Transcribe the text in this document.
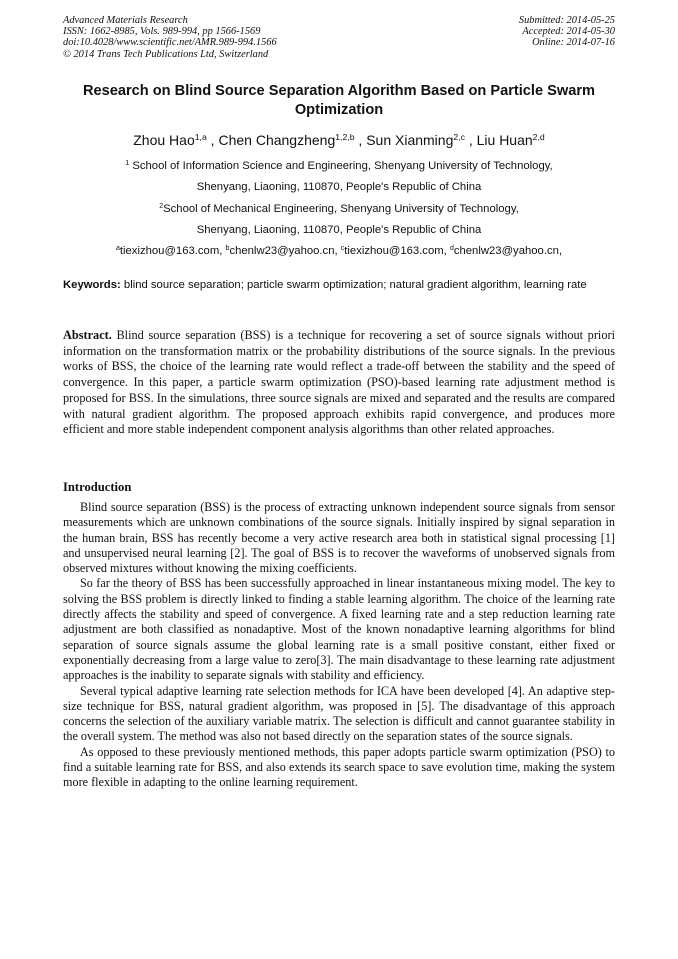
Advanced Materials Research
ISSN: 1662-8985, Vols. 989-994, pp 1566-1569
doi:10.4028/www.scientific.net/AMR.989-994.1566
© 2014 Trans Tech Publications Ltd, Switzerland
Submitted: 2014-05-25
Accepted: 2014-05-30
Online: 2014-07-16
Research on Blind Source Separation Algorithm Based on Particle Swarm Optimization
Zhou Hao$^{1,a}$ , Chen Changzheng$^{1,2,b}$ , Sun Xianming$^{2,c}$ , Liu Huan$^{2,d}$
$^1$ School of Information Science and Engineering, Shenyang University of Technology,
Shenyang, Liaoning, 110870, People's Republic of China
$^2$School of Mechanical Engineering, Shenyang University of Technology,
Shenyang, Liaoning, 110870, People's Republic of China
$^a$tiexizhou@163.com, $^b$chenlw23@yahoo.cn, $^c$tiexizhou@163.com, $^d$chenlw23@yahoo.cn,
Keywords: blind source separation; particle swarm optimization; natural gradient algorithm, learning rate
Abstract. Blind source separation (BSS) is a technique for recovering a set of source signals without priori information on the transformation matrix or the probability distributions of the source signals. In the previous works of BSS, the choice of the learning rate would reflect a trade-off between the stability and the speed of convergence. In this paper, a particle swarm optimization (PSO)-based learning rate adjustment method is proposed for BSS. In the simulations, three source signals are mixed and separated and the results are compared with natural gradient algorithm. The proposed approach exhibits rapid convergence, and produces more efficient and more stable independent component analysis algorithms than other related approaches.
Introduction

Blind source separation (BSS) is the process of extracting unknown independent source signals from sensor measurements which are unknown combinations of the source signals. Initially inspired by signal separation in the human brain, BSS has recently become a very active research area both in statistical signal processing [1] and unsupervised neural learning [2]. The goal of BSS is to recover the waveforms of unobserved signals from observed mixtures without knowing the mixing coefficients.

So far the theory of BSS has been successfully approached in linear instantaneous mixing model. The key to solving the BSS problem is directly linked to finding a stable learning algorithm. The choice of the learning rate directly affects the stability and speed of convergence. A fixed learning rate and a step reduction learning rate adjustment are both classified as nonadaptive. Most of the known nonadaptive learning algorithms for blind separation of source signals assume the global learning rate is a small positive constant, either fixed or exponentially decreasing from a large value to zero[3]. The main disadvantage to these learning rate adjustment approaches is the inability to separate signals with stability and efficiency.

Several typical adaptive learning rate selection methods for ICA have been developed [4]. An adaptive step-size technique for BSS, natural gradient algorithm, was proposed in [5]. The disadvantage of this approach concerns the selection of the auxiliary variable matrix. The selection is difficult and cannot guarantee stability in the overall system. The method was also not based directly on the separation states of the source signals.

As opposed to these previously mentioned methods, this paper adopts particle swarm optimization (PSO) to find a suitable learning rate for BSS, and also extends its search space to save evolution time, making the system more flexible in adapting to the online learning requirement.
